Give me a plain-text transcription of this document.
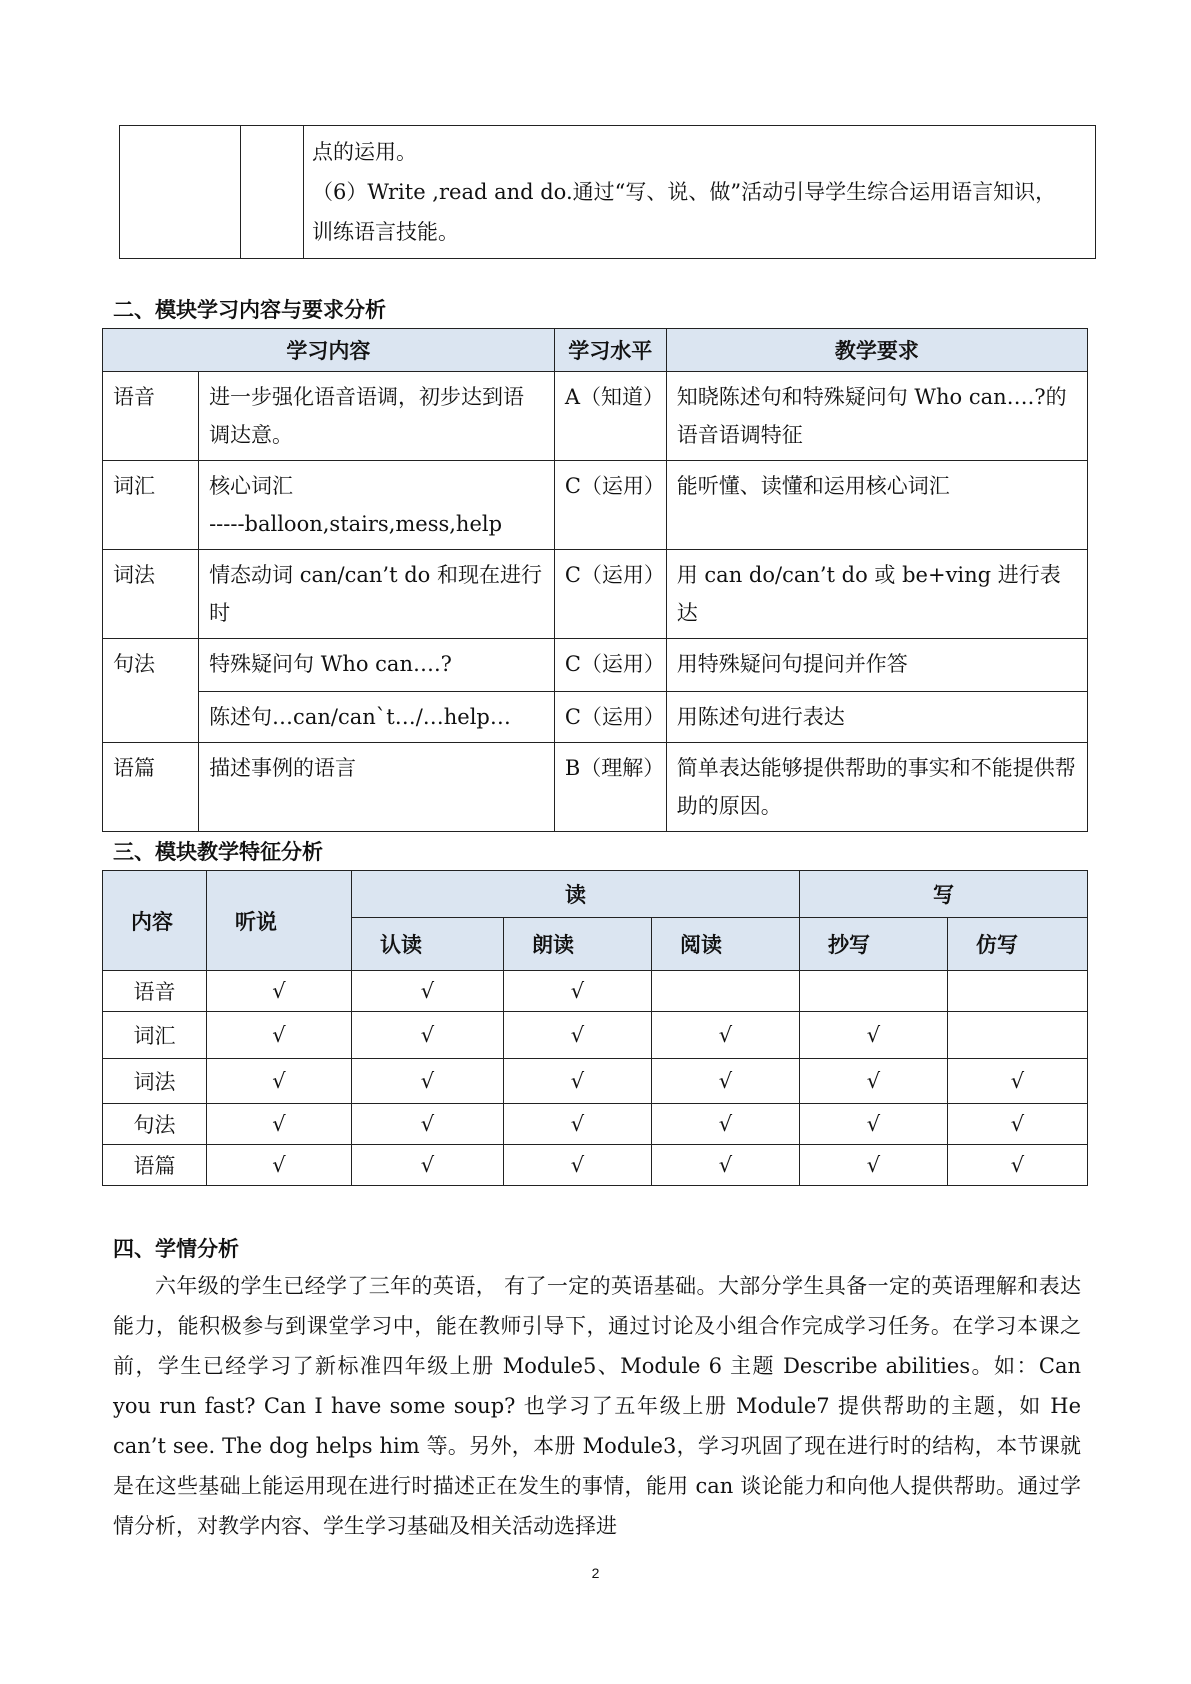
点的运用。
（6）Write ,read and do.通过“写、说、做”活动引导学生综合运用语言知识，
训练语言技能。
二、模块学习内容与要求分析
学习内容		学习水平	教学要求
语音	进一步强化语音语调，初步达到语调达意。	A（知道）	知晓陈述句和特殊疑问句 Who can….?的语音语调特征
词汇	核心词汇
-----balloon,stairs,mess,help	C（运用）	能听懂、读懂和运用核心词汇
词法	情态动词 can/can’t do 和现在进行时	C（运用）	用 can do/can’t do 或 be+ving 进行表达
句法	特殊疑问句 Who can….?	C（运用）	用特殊疑问句提问并作答
	陈述句…can/can`t…/…help…	C（运用）	用陈述句进行表达
语篇	描述事例的语言	B（理解）	简单表达能够提供帮助的事实和不能提供帮助的原因。
三、模块教学特征分析
内容	听说	读			写	
		认读	朗读	阅读	抄写	仿写
语音	√	√	√			
词汇	√	√	√	√	√	
词法	√	√	√	√	√	√
句法	√	√	√	√	√	√
语篇	√	√	√	√	√	√
四、学情分析
六年级的学生已经学了三年的英语， 有了一定的英语基础。大部分学生具备一定的英语理解和表达能力，能积极参与到课堂学习中，能在教师引导下，通过讨论及小组合作完成学习任务。在学习本课之前，学生已经学习了新标准四年级上册 Module5、Module 6 主题 Describe abilities。如：Can you run fast? Can I have some soup? 也学习了五年级上册 Module7 提供帮助的主题，如 He can’t see. The dog helps him 等。另外，本册 Module3，学习巩固了现在进行时的结构，本节课就是在这些基础上能运用现在进行时描述正在发生的事情，能用 can 谈论能力和向他人提供帮助。通过学情分析，对教学内容、学生学习基础及相关活动选择进
2
